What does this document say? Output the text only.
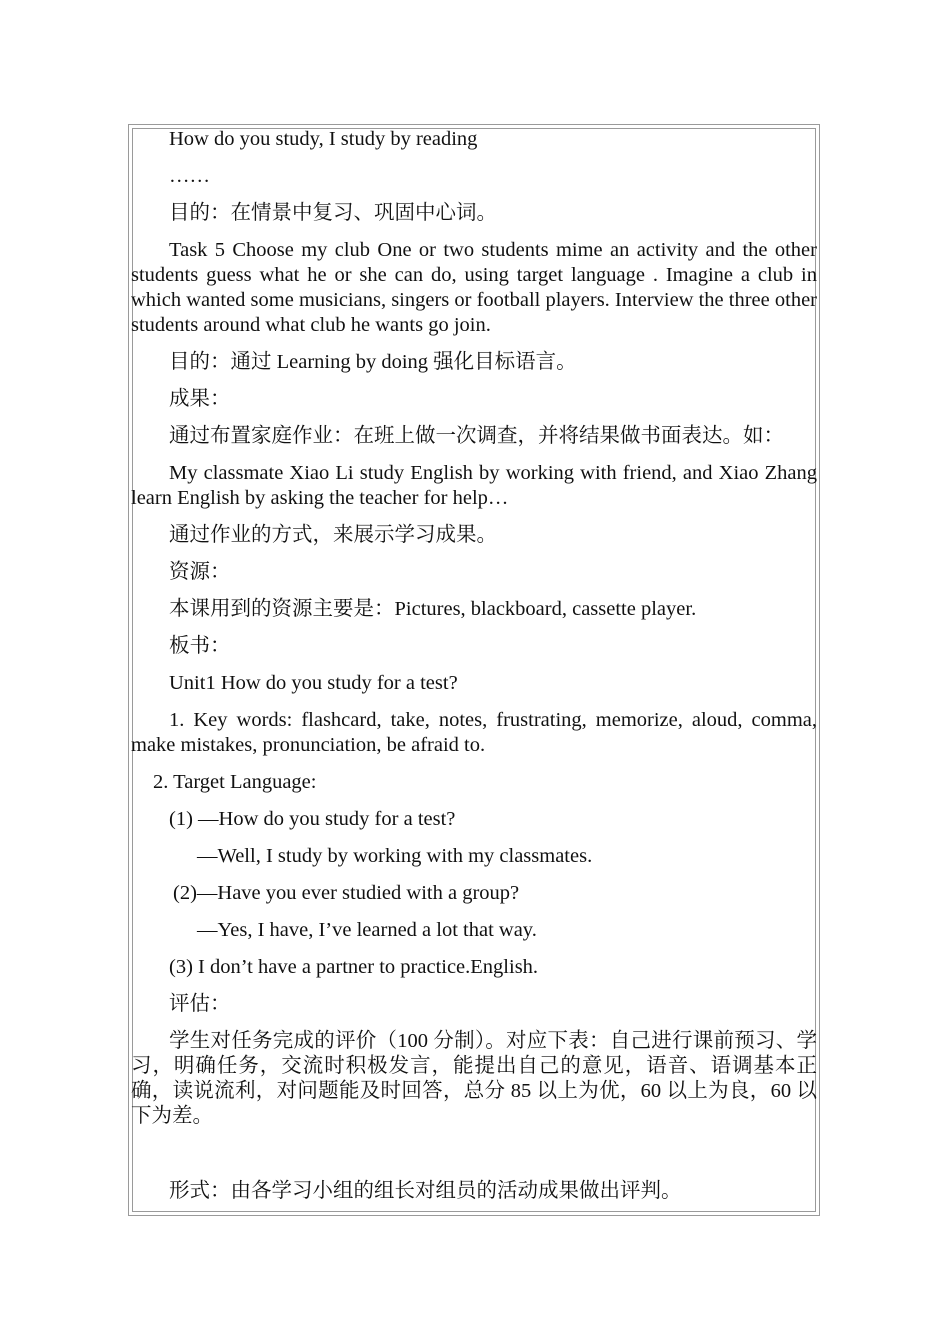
How do you study, I study by reading

……

目的：在情景中复习、巩固中心词。

Task 5 Choose my club One or two students mime an activity and the other students guess what he or she can do, using target language . Imagine a club in which wanted some musicians, singers or football players. Interview the three other students around what club he wants go join.

目的：通过 Learning by doing 强化目标语言。

成果：

通过布置家庭作业：在班上做一次调查，并将结果做书面表达。如：

My classmate Xiao Li study English by working with friend, and Xiao Zhang learn English by asking the teacher for help…

通过作业的方式，来展示学习成果。

资源：

本课用到的资源主要是：Pictures, blackboard, cassette player.

板书：

Unit1 How do you study for a test?

1. Key words: flashcard, take, notes, frustrating, memorize, aloud, comma, make mistakes, pronunciation, be afraid to.

2. Target Language:

(1) —How do you study for a test?

—Well, I study by working with my classmates.

(2)—Have you ever studied with a group?

—Yes, I have, I’ve learned a lot that way.

(3) I don’t have a partner to practice.English.

评估：

学生对任务完成的评价（100 分制）。对应下表：自己进行课前预习、学习，明确任务，交流时积极发言，能提出自己的意见，语音、语调基本正确，读说流利，对问题能及时回答，总分 85 以上为优，60 以上为良，60 以下为差。

形式：由各学习小组的组长对组员的活动成果做出评判。
